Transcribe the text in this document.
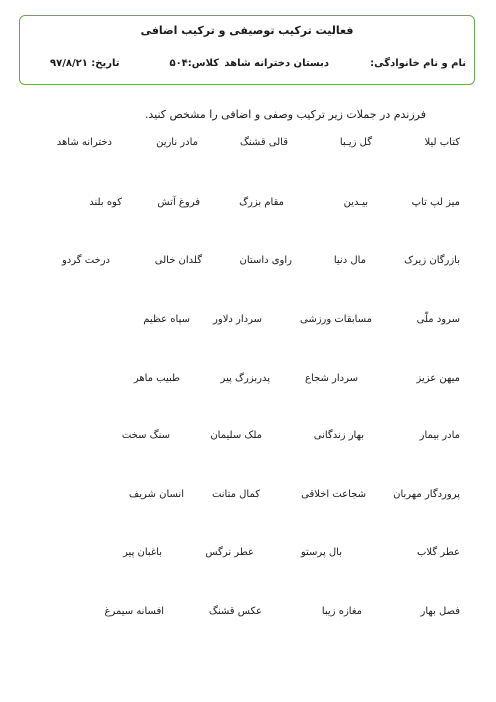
فعالیت ترکیب توصیفی و ترکیب اضافی
نام و نام خانوادگی:
دبستان دخترانه شاهد
کلاس:۵۰۴
تاریخ: ۹۷/۸/۲۱
فرزندم در جملات زیر ترکیب وصفی و اضافی را مشخص کنید.
کتاب لیلا
گل زیـبا
قالی قشنگ
مادر نارین
دخترانه شاهد
میز لپ تاپ
بیـدین
مقام بزرگ
فروغ آتش
کوه بلند
بازرگان زیرک
مال دنیا
راوی داستان
گلدان خالی
درخت گردو
سرود ملّی
مسابقات ورزشی
سردار دلاور
سپاه عظیم
میهن عزیز
سردار شجاع
پدربزرگ پیر
طبیب ماهر
مادر بیمار
بهار زندگانی
ملک سلیمان
سنگ سخت
پروردگار مهربان
شجاعت اخلاقی
کمال متانت
انسان شریف
عطر گلاب
بال پرستو
عطر نرگس
باغبان پیر
فصل بهار
مغازه زیبا
عکس قشنگ
افسانه سیمرغ
